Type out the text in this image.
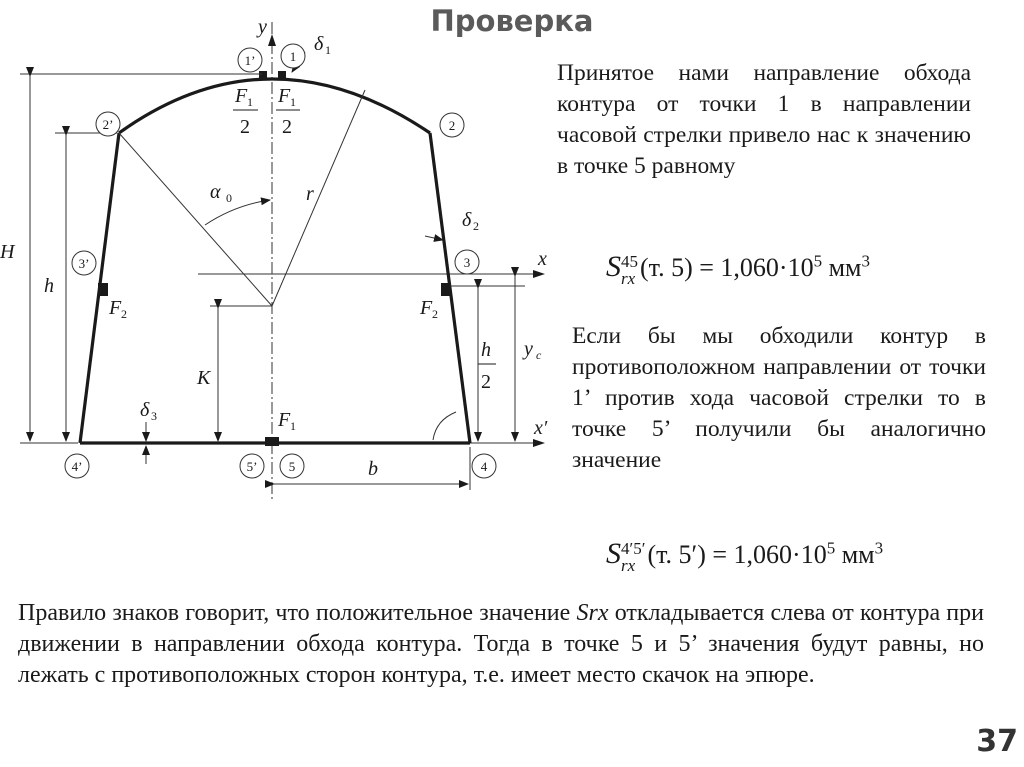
Проверка
1’	1
2’	2
3’	3
4’	4
5’ 5
y
x
x′
H
h
K
b
r
y c
α 0
δ 1
δ 2
δ 3	F 1
F 2	F 2
F 1
2
F 1
2
h
2
Принятое нами направление обхода контура от точки 1 в направлении часовой стрелки привело нас к значению в точке 5 равному
S 45
rx (т. $5) = 1,060\cdot 10^5$ $мм^3$
Если бы мы обходили контур в противоположном направлении от точки 1’ против хода часовой стрелки то в точке 5’ получили бы аналогично значение
S 4′5′
rx (т. $5') = 1,060\cdot 10^5$ $мм^3$
Правило знаков говорит, что положительное значение Srx откладывается слева от контура при движении в направлении обхода контура. Тогда в точке 5 и 5’ значения будут равны, но лежать с противоположных сторон контура, т.е. имеет место скачок на эпюре.
37
